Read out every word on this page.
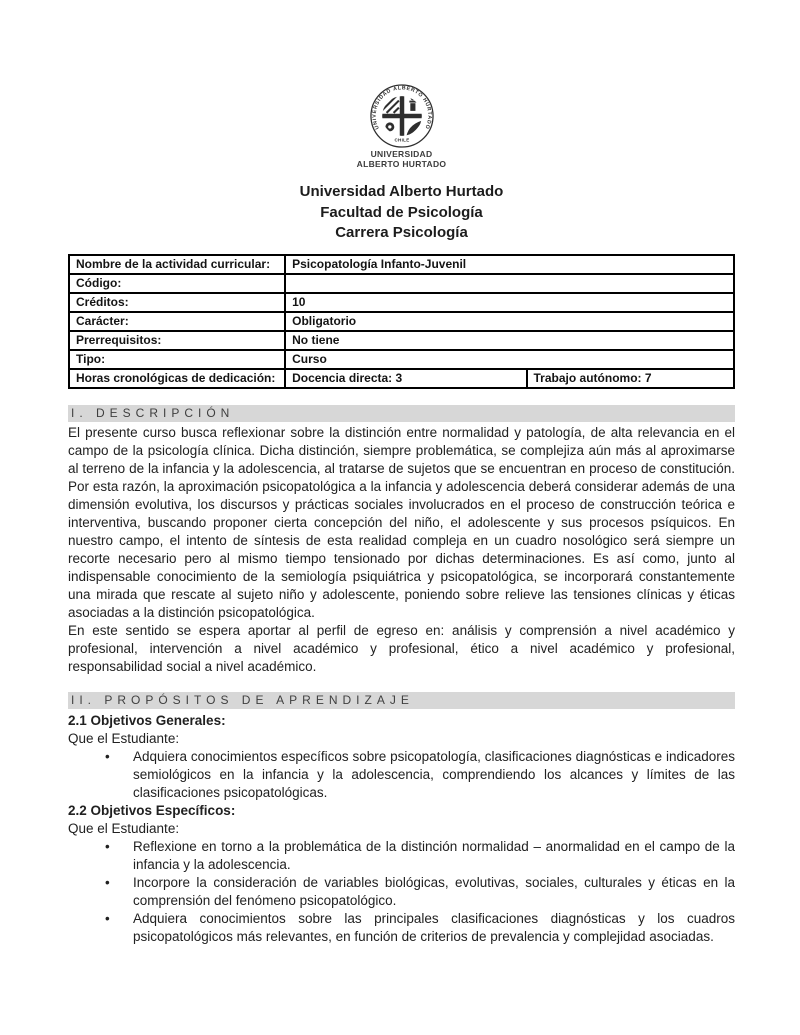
UNIVERSIDAD ALBERTO HURTADO
CHILE
UNIVERSIDAD
ALBERTO HURTADO
Universidad Alberto Hurtado
Facultad de Psicología
Carrera Psicología
Nombre de la actividad curricular:	Psicopatología Infanto-Juvenil	
Código:		
Créditos:	10	
Carácter:	Obligatorio	
Prerrequisitos:	No tiene	
Tipo:	Curso	
Horas cronológicas de dedicación:	Docencia directa: 3	Trabajo autónomo: 7
I. DESCRIPCIÓN

El presente curso busca reflexionar sobre la distinción entre normalidad y patología, de alta relevancia en el campo de la psicología clínica. Dicha distinción, siempre problemática, se complejiza aún más al aproximarse al terreno de la infancia y la adolescencia, al tratarse de sujetos que se encuentran en proceso de constitución. Por esta razón, la aproximación psicopatológica a la infancia y adolescencia deberá considerar además de una dimensión evolutiva, los discursos y prácticas sociales involucrados en el proceso de construcción teórica e interventiva, buscando proponer cierta concepción del niño, el adolescente y sus procesos psíquicos. En nuestro campo, el intento de síntesis de esta realidad compleja en un cuadro nosológico será siempre un recorte necesario pero al mismo tiempo tensionado por dichas determinaciones. Es así como, junto al indispensable conocimiento de la semiología psiquiátrica y psicopatológica, se incorporará constantemente una mirada que rescate al sujeto niño y adolescente, poniendo sobre relieve las tensiones clínicas y éticas asociadas a la distinción psicopatológica.

En este sentido se espera aportar al perfil de egreso en: análisis y comprensión a nivel académico y profesional, intervención a nivel académico y profesional, ético a nivel académico y profesional, responsabilidad social a nivel académico.

II. PROPÓSITOS DE APRENDIZAJE
2.1 Objetivos Generales:
Que el Estudiante:
• Adquiera conocimientos específicos sobre psicopatología, clasificaciones diagnósticas e indicadores semiológicos en la infancia y la adolescencia, comprendiendo los alcances y límites de las clasificaciones psicopatológicas.
2.2 Objetivos Específicos:
Que el Estudiante:
• Reflexione en torno a la problemática de la distinción normalidad – anormalidad en el campo de la infancia y la adolescencia.
• Incorpore la consideración de variables biológicas, evolutivas, sociales, culturales y éticas en la comprensión del fenómeno psicopatológico.
• Adquiera conocimientos sobre las principales clasificaciones diagnósticas y los cuadros psicopatológicos más relevantes, en función de criterios de prevalencia y complejidad asociadas.
